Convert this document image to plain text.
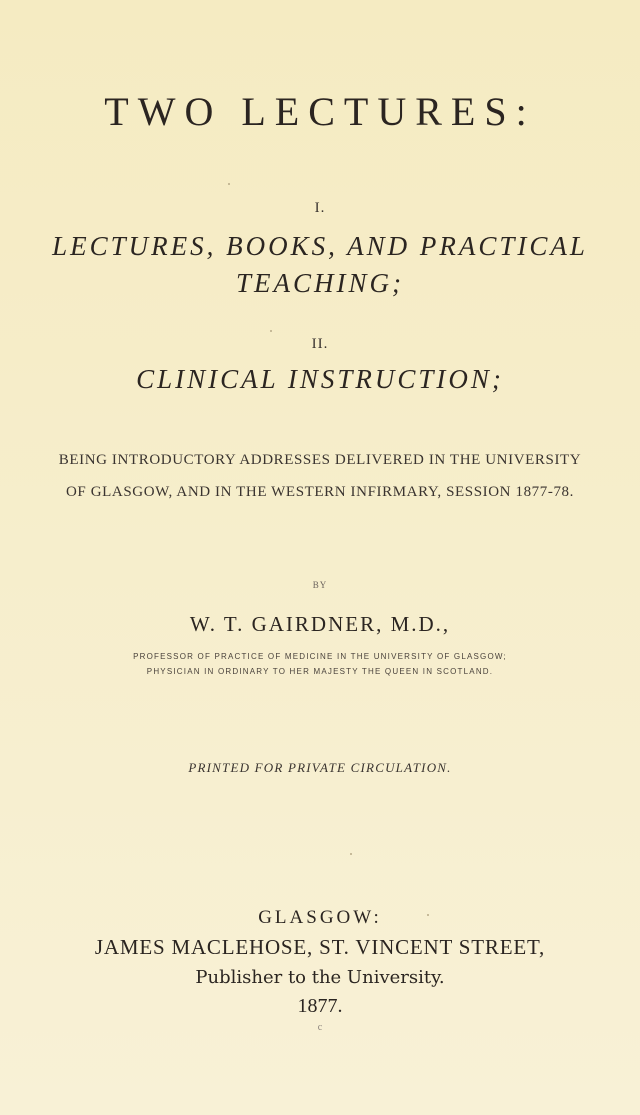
TWO LECTURES:
I.
LECTURES, BOOKS, AND PRACTICAL
TEACHING;
II.
CLINICAL INSTRUCTION;
BEING INTRODUCTORY ADDRESSES DELIVERED IN THE UNIVERSITY
OF GLASGOW, AND IN THE WESTERN INFIRMARY, SESSION 1877-78.
BY
W. T. GAIRDNER, M.D.,
PROFESSOR OF PRACTICE OF MEDICINE IN THE UNIVERSITY OF GLASGOW;
PHYSICIAN IN ORDINARY TO HER MAJESTY THE QUEEN IN SCOTLAND.
PRINTED FOR PRIVATE CIRCULATION.
GLASGOW:
JAMES MACLEHOSE, ST. VINCENT STREET,
Publisher to the University.
1877.
c
